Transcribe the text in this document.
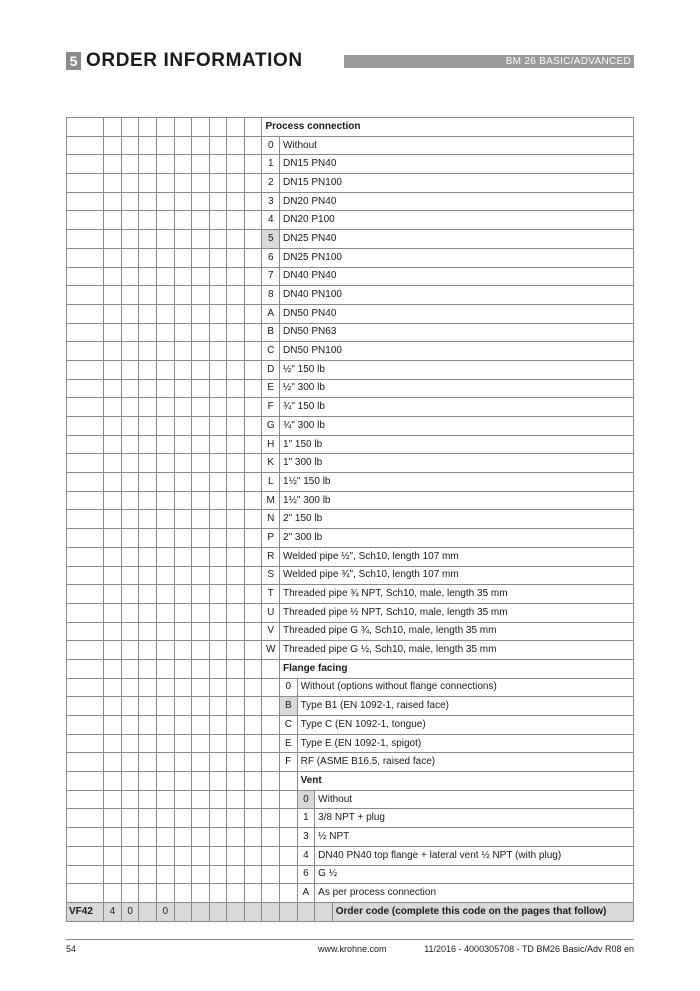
5 ORDER INFORMATION	BM 26 BASIC/ADVANCED
										Process connection				
										0	Without			
										1	DN15 PN40			
										2	DN15 PN100			
										3	DN20 PN40			
										4	DN20 P100			
										5	DN25 PN40			
										6	DN25 PN100			
										7	DN40 PN40			
										8	DN40 PN100			
										A	DN50 PN40			
										B	DN50 PN63			
										C	DN50 PN100			
										D	½" 150 lb			
										E	½" 300 lb			
										F	¾" 150 lb			
										G	¾" 300 lb			
										H	1" 150 lb			
										K	1" 300 lb			
										L	1½" 150 lb			
										M	1½" 300 lb			
										N	2" 150 lb			
										P	2" 300 lb			
										R	Welded pipe ½", Sch10, length 107 mm			
										S	Welded pipe ¾", Sch10, length 107 mm			
										T	Threaded pipe ¾ NPT, Sch10, male, length 35 mm			
										U	Threaded pipe ½ NPT, Sch10, male, length 35 mm			
										V	Threaded pipe G ¾, Sch10, male, length 35 mm			
										W	Threaded pipe G ½, Sch10, male, length 35 mm			
											Flange facing			
											0	Without (options without flange connections)		
											B	Type B1 (EN 1092-1, raised face)		
											C	Type C (EN 1092-1, tongue)		
											E	Type E (EN 1092-1, spigot)		
											F	RF (ASME B16.5, raised face)		
												Vent		
												0	Without	
												1	3/8 NPT + plug	
												3	½ NPT	
												4	DN40 PN40 top flange + lateral vent ½ NPT (with plug)	
												6	G ½	
												A	As per process connection	
VF42	4	0		0										Order code (complete this code on the pages that follow)
54	www.krohne.com	11/2016 - 4000305708 - TD BM26 Basic/Adv R08 en
